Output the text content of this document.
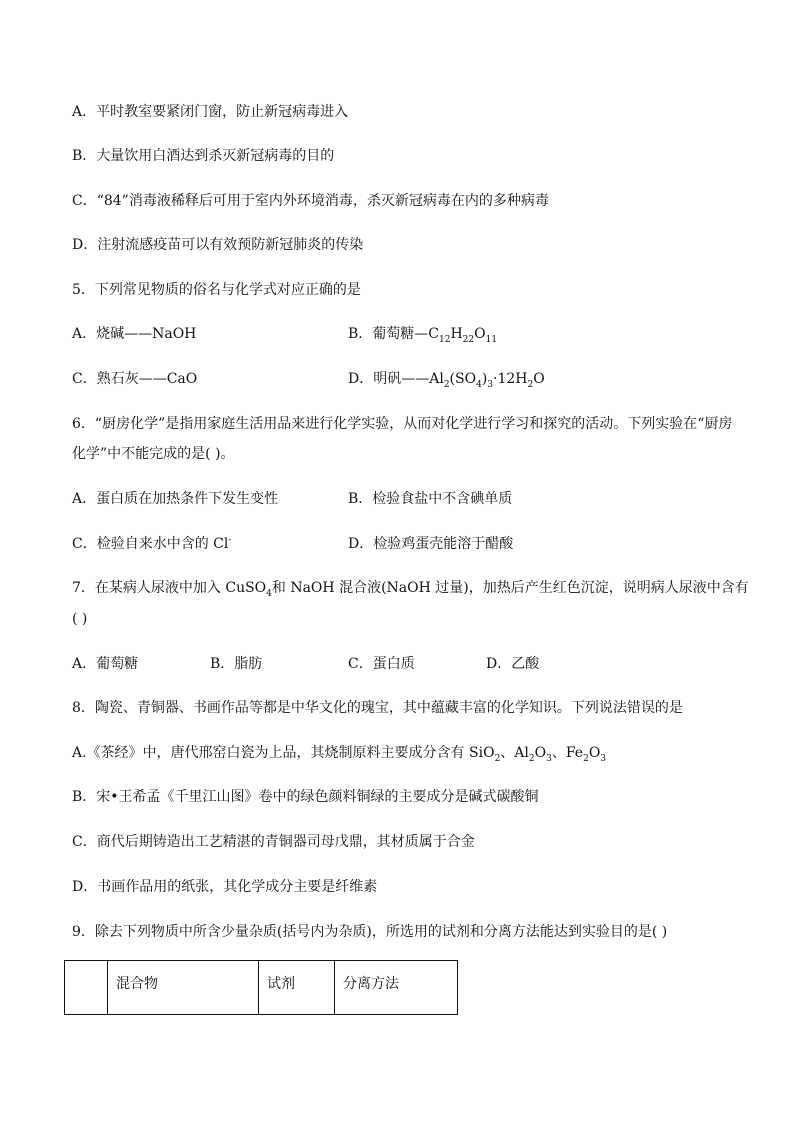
A．平时教室要紧闭门窗，防止新冠病毒进入
B．大量饮用白酒达到杀灭新冠病毒的目的
C．“84”消毒液稀释后可用于室内外环境消毒，杀灭新冠病毒在内的多种病毒
D．注射流感疫苗可以有效预防新冠肺炎的传染
5．下列常见物质的俗名与化学式对应正确的是
A．烧碱——NaOH	B．葡萄糖$—C_{12}H_{22}O_{11}$
C．熟石灰——CaO	D．明矾$——Al_2(SO_4)_3\cdot 12H_2O$
6．“厨房化学”是指用家庭生活用品来进行化学实验，从而对化学进行学习和探究的活动。下列实验在“厨房
化学”中不能完成的是( )。
A．蛋白质在加热条件下发生变性	B．检验食盐中不含碘单质
C．检验自来水中含的 Cl-	D．检验鸡蛋壳能溶于醋酸
7．在某病人尿液中加入 CuSO$_4$和 NaOH 混合液(NaOH 过量)，加热后产生红色沉淀，说明病人尿液中含有
( )
A．葡萄糖	B．脂肪	C．蛋白质	D．乙酸
8．陶瓷、青铜器、书画作品等都是中华文化的瑰宝，其中蕴藏丰富的化学知识。下列说法错误的是
A.《茶经》中，唐代邢窑白瓷为上品，其烧制原料主要成分含有 SiO$_2$、$Al_2O_3$、$Fe_2O_3$
B．宋•王希孟《千里江山图》卷中的绿色颜料铜绿的主要成分是碱式碳酸铜
C．商代后期铸造出工艺精湛的青铜器司母戊鼎，其材质属于合金
D．书画作品用的纸张，其化学成分主要是纤维素
9．除去下列物质中所含少量杂质(括号内为杂质)，所选用的试剂和分离方法能达到实验目的是( )
	混合物	试剂	分离方法
